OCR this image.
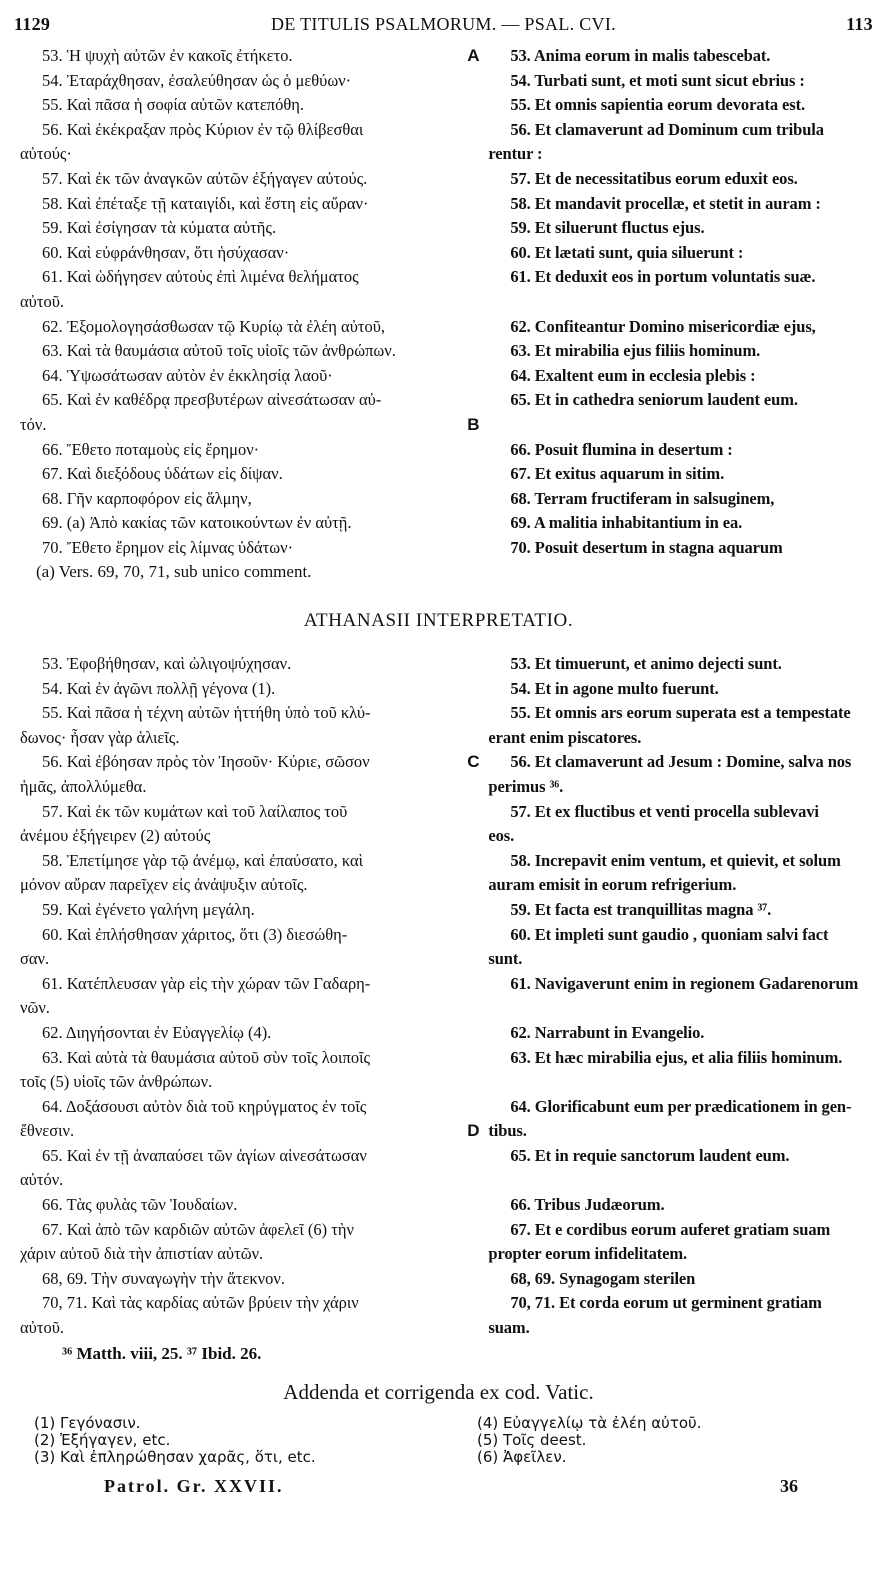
1129	DE TITULIS PSALMORUM. — PSAL. CVI.	113
53. Ἡ ψυχὴ αὐτῶν ἐν κακοῖς ἐτήκετο.	A	53. Anima eorum in malis tabescebat.
54. Ἐταράχθησαν, ἐσαλεύθησαν ὡς ὁ μεθύων·	54. Turbati sunt, et moti sunt sicut ebrius :
55. Καὶ πᾶσα ἡ σοφία αὐτῶν κατεπόθη.	55. Et omnis sapientia eorum devorata est.
56. Καὶ ἐκέκραξαν πρὸς Κύριον ἐν τῷ θλίβεσθαι	56. Et clamaverunt ad Dominum cum tribula
αὐτούς·	rentur :
57. Καὶ ἐκ τῶν ἀναγκῶν αὐτῶν ἐξήγαγεν αὐτούς.	57. Et de necessitatibus eorum eduxit eos.
58. Καὶ ἐπέταξε τῇ καταιγίδι, καὶ ἔστη εἰς αὔραν·	58. Et mandavit procellæ, et stetit in auram :
59. Καὶ ἐσίγησαν τὰ κύματα αὐτῆς.	59. Et siluerunt fluctus ejus.
60. Καὶ εὐφράνθησαν, ὅτι ἡσύχασαν·	60. Et lætati sunt, quia siluerunt :
61. Καὶ ὡδήγησεν αὐτοὺς ἐπὶ λιμένα θελήματος	61. Et deduxit eos in portum voluntatis suæ.
αὐτοῦ.
62. Ἐξομολογησάσθωσαν τῷ Κυρίῳ τὰ ἐλέη αὐτοῦ,	62. Confiteantur Domino misericordiæ ejus,
63. Καὶ τὰ θαυμάσια αὐτοῦ τοῖς υἱοῖς τῶν ἀνθρώπων.	63. Et mirabilia ejus filiis hominum.
64. Ὑψωσάτωσαν αὐτὸν ἐν ἐκκλησίᾳ λαοῦ·	64. Exaltent eum in ecclesia plebis :
65. Καὶ ἐν καθέδρᾳ πρεσβυτέρων αἰνεσάτωσαν αὐ-	65. Et in cathedra seniorum laudent eum.
τόν.	B
66. Ἔθετο ποταμοὺς εἰς ἔρημον·	66. Posuit flumina in desertum :
67. Καὶ διεξόδους ὑδάτων εἰς δίψαν.	67. Et exitus aquarum in sitim.
68. Γῆν καρποφόρον εἰς ἅλμην,	68. Terram fructiferam in salsuginem,
69. (a) Ἀπὸ κακίας τῶν κατοικούντων ἐν αὐτῇ.	69. A malitia inhabitantium in ea.
70. Ἔθετο ἔρημον εἰς λίμνας ὑδάτων·	70. Posuit desertum in stagna aquarum
(a) Vers. 69, 70, 71, sub unico comment.
ATHANASII INTERPRETATIO.
53. Ἐφοβήθησαν, καὶ ὠλιγοψύχησαν.	53. Et timuerunt, et animo dejecti sunt.
54. Καὶ ἐν ἀγῶνι πολλῇ γέγονα (1).	54. Et in agone multo fuerunt.
55. Καὶ πᾶσα ἡ τέχνη αὐτῶν ἡττήθη ὑπὸ τοῦ κλύ-	55. Et omnis ars eorum superata est a tempestate
δωνος· ἦσαν γὰρ ἁλιεῖς.	erant enim piscatores.
56. Καὶ ἐβόησαν πρὸς τὸν Ἰησοῦν· Κύριε, σῶσον	C	56. Et clamaverunt ad Jesum : Domine, salva nos
ἡμᾶς, ἀπολλύμεθα.	perimus ³⁶.
57. Καὶ ἐκ τῶν κυμάτων καὶ τοῦ λαίλαπος τοῦ	57. Et ex fluctibus et venti procella sublevavi
ἀνέμου ἐξήγειρεν (2) αὐτούς	eos.
58. Ἐπετίμησε γὰρ τῷ ἀνέμῳ, καὶ ἐπαύσατο, καὶ	58. Increpavit enim ventum, et quievit, et solum
μόνον αὔραν παρεῖχεν εἰς ἀνάψυξιν αὐτοῖς.	auram emisit in eorum refrigerium.
59. Καὶ ἐγένετο γαλήνη μεγάλη.	59. Et facta est tranquillitas magna ³⁷.
60. Καὶ ἐπλήσθησαν χάριτος, ὅτι (3) διεσώθη-	60. Et impleti sunt gaudio , quoniam salvi fact
σαν.	sunt.
61. Κατέπλευσαν γὰρ εἰς τὴν χώραν τῶν Γαδαρη-	61. Navigaverunt enim in regionem Gadarenorum
νῶν.
62. Διηγήσονται ἐν Εὐαγγελίῳ (4).	62. Narrabunt in Evangelio.
63. Καὶ αὐτὰ τὰ θαυμάσια αὐτοῦ σὺν τοῖς λοιποῖς	63. Et hæc mirabilia ejus, et alia filiis hominum.
τοῖς (5) υἱοῖς τῶν ἀνθρώπων.
64. Δοξάσουσι αὐτὸν διὰ τοῦ κηρύγματος ἐν τοῖς	64. Glorificabunt eum per prædicationem in gen-
ἔθνεσιν.	D tibus.
65. Καὶ ἐν τῇ ἀναπαύσει τῶν ἁγίων αἰνεσάτωσαν	65. Et in requie sanctorum laudent eum.
αὐτόν.
66. Τὰς φυλὰς τῶν Ἰουδαίων.	66. Tribus Judæorum.
67. Καὶ ἀπὸ τῶν καρδιῶν αὐτῶν ἀφελεῖ (6) τὴν	67. Et e cordibus eorum auferet gratiam suam
χάριν αὐτοῦ διὰ τὴν ἀπιστίαν αὐτῶν.	propter eorum infidelitatem.
68, 69. Τὴν συναγωγὴν τὴν ἄτεκνον.	68, 69. Synagogam sterilen
70, 71. Καὶ τὰς καρδίας αὐτῶν βρύειν τὴν χάριν	70, 71. Et corda eorum ut germinent gratiam
αὐτοῦ.	suam.
³⁶ Matth. viii, 25. ³⁷ Ibid. 26.
Addenda et corrigenda ex cod. Vatic.
(1) Γεγόνασιν.
(2) Ἐξήγαγεν, etc.
(3) Καὶ ἐπληρώθησαν χαρᾶς, ὅτι, etc.
(4) Εὐαγγελίῳ τὰ ἐλέη αὐτοῦ.
(5) Τοῖς deest.
(6) Ἀφεῖλεν.
Patrol. Gr. XXVII.	36
